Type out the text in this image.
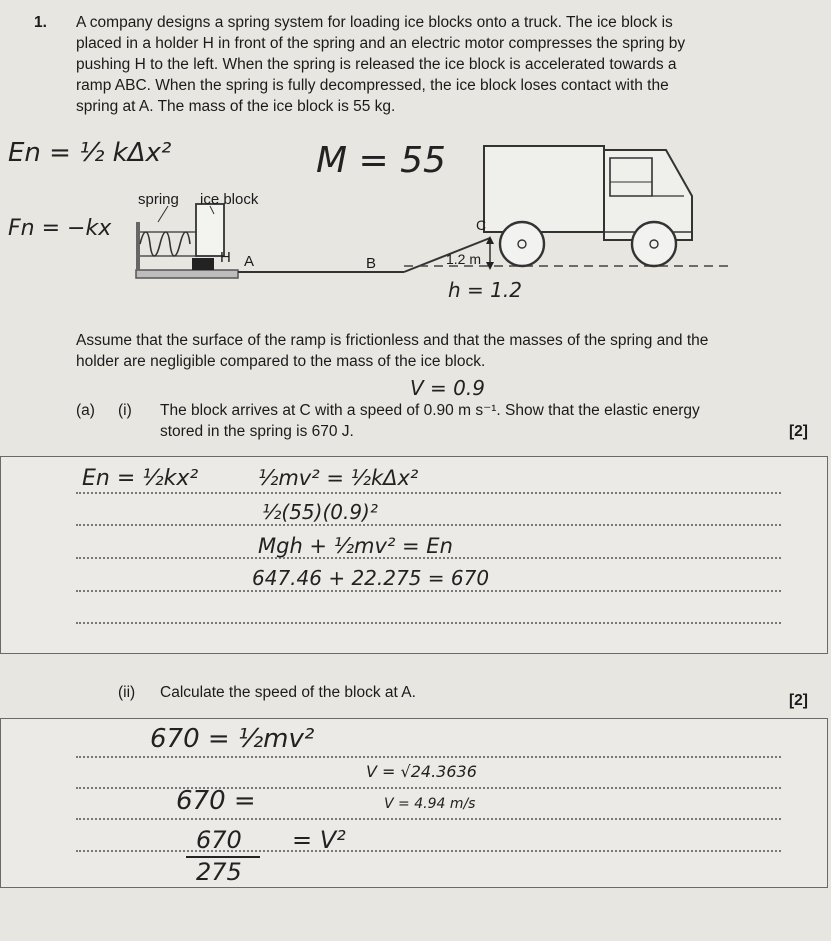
1. A company designs a spring system for loading ice blocks onto a truck. The ice block is
placed in a holder H in front of the spring and an electric motor compresses the spring by
pushing H to the left. When the spring is released the ice block is accelerated towards a
ramp ABC. When the spring is fully decompressed, the ice block loses contact with the
spring at A. The mass of the ice block is 55 kg.
En = ½ kΔx²
Fn = −kx
M = 55
h = 1.2
V = 0.9
spring ice block
H A	B
C
1.2 m
Assume that the surface of the ramp is frictionless and that the masses of the spring and the
holder are negligible compared to the mass of the ice block.
(a) (i) The block arrives at C with a speed of 0.90 m s⁻¹. Show that the elastic energy
stored in the spring is 670 J.	[2]
En = ½kx²	½mv² = ½kΔx²
½(55)(0.9)²
Mgh + ½mv² = En
647.46 + 22.275 = 670
(ii) Calculate the speed of the block at A.	[2]
670 = ½mv²
V = √24.3636
670 =	V = 4.94 m/s
670 = V²
275
